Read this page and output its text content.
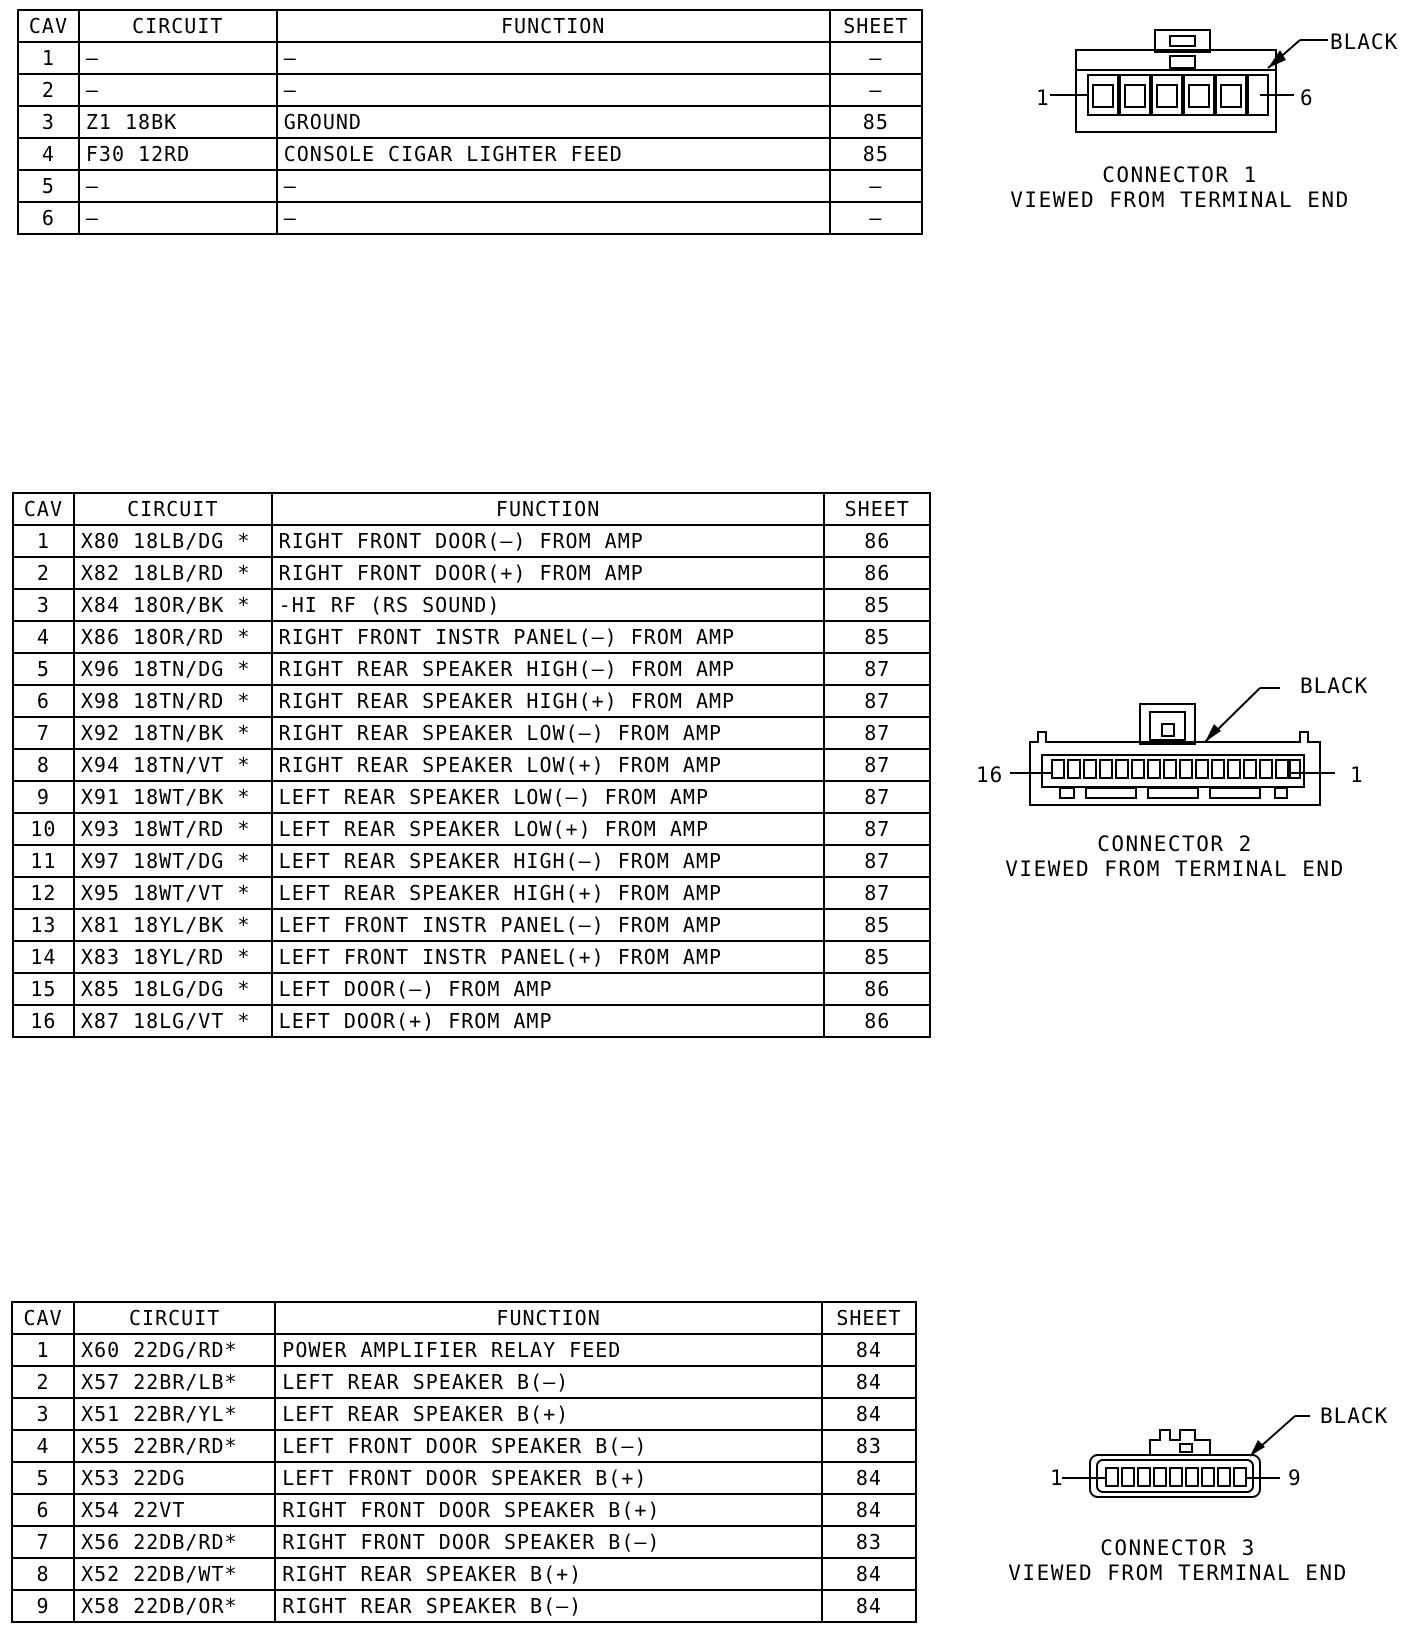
CAV	CIRCUIT	FUNCTION	SHEET
1	—	—	—
2	—	—	—
3	Z1 18BK	GROUND	85
4	F30 12RD	CONSOLE CIGAR LIGHTER FEED	85
5	—	—	—
6	—	—	—
CAV	CIRCUIT	FUNCTION	SHEET
1	X80 18LB/DG *	RIGHT FRONT DOOR(—) FROM AMP	86
2	X82 18LB/RD *	RIGHT FRONT DOOR(+) FROM AMP	86
3	X84 18OR/BK *	-HI RF (RS SOUND)	85
4	X86 18OR/RD *	RIGHT FRONT INSTR PANEL(—) FROM AMP	85
5	X96 18TN/DG *	RIGHT REAR SPEAKER HIGH(—) FROM AMP	87
6	X98 18TN/RD *	RIGHT REAR SPEAKER HIGH(+) FROM AMP	87
7	X92 18TN/BK *	RIGHT REAR SPEAKER LOW(—) FROM AMP	87
8	X94 18TN/VT *	RIGHT REAR SPEAKER LOW(+) FROM AMP	87
9	X91 18WT/BK *	LEFT REAR SPEAKER LOW(—) FROM AMP	87
10	X93 18WT/RD *	LEFT REAR SPEAKER LOW(+) FROM AMP	87
11	X97 18WT/DG *	LEFT REAR SPEAKER HIGH(—) FROM AMP	87
12	X95 18WT/VT *	LEFT REAR SPEAKER HIGH(+) FROM AMP	87
13	X81 18YL/BK *	LEFT FRONT INSTR PANEL(—) FROM AMP	85
14	X83 18YL/RD *	LEFT FRONT INSTR PANEL(+) FROM AMP	85
15	X85 18LG/DG *	LEFT DOOR(—) FROM AMP	86
16	X87 18LG/VT *	LEFT DOOR(+) FROM AMP	86
CAV	CIRCUIT	FUNCTION	SHEET
1	X60 22DG/RD*	POWER AMPLIFIER RELAY FEED	84
2	X57 22BR/LB*	LEFT REAR SPEAKER B(—)	84
3	X51 22BR/YL*	LEFT REAR SPEAKER B(+)	84
4	X55 22BR/RD*	LEFT FRONT DOOR SPEAKER B(—)	83
5	X53 22DG	LEFT FRONT DOOR SPEAKER B(+)	84
6	X54 22VT	RIGHT FRONT DOOR SPEAKER B(+)	84
7	X56 22DB/RD*	RIGHT FRONT DOOR SPEAKER B(—)	83
8	X52 22DB/WT*	RIGHT REAR SPEAKER B(+)	84
9	X58 22DB/OR*	RIGHT REAR SPEAKER B(—)	84
BLACK
1	6
CONNECTOR 1
VIEWED FROM TERMINAL END
BLACK
16	1
CONNECTOR 2
VIEWED FROM TERMINAL END
BLACK
1	9
CONNECTOR 3
VIEWED FROM TERMINAL END
